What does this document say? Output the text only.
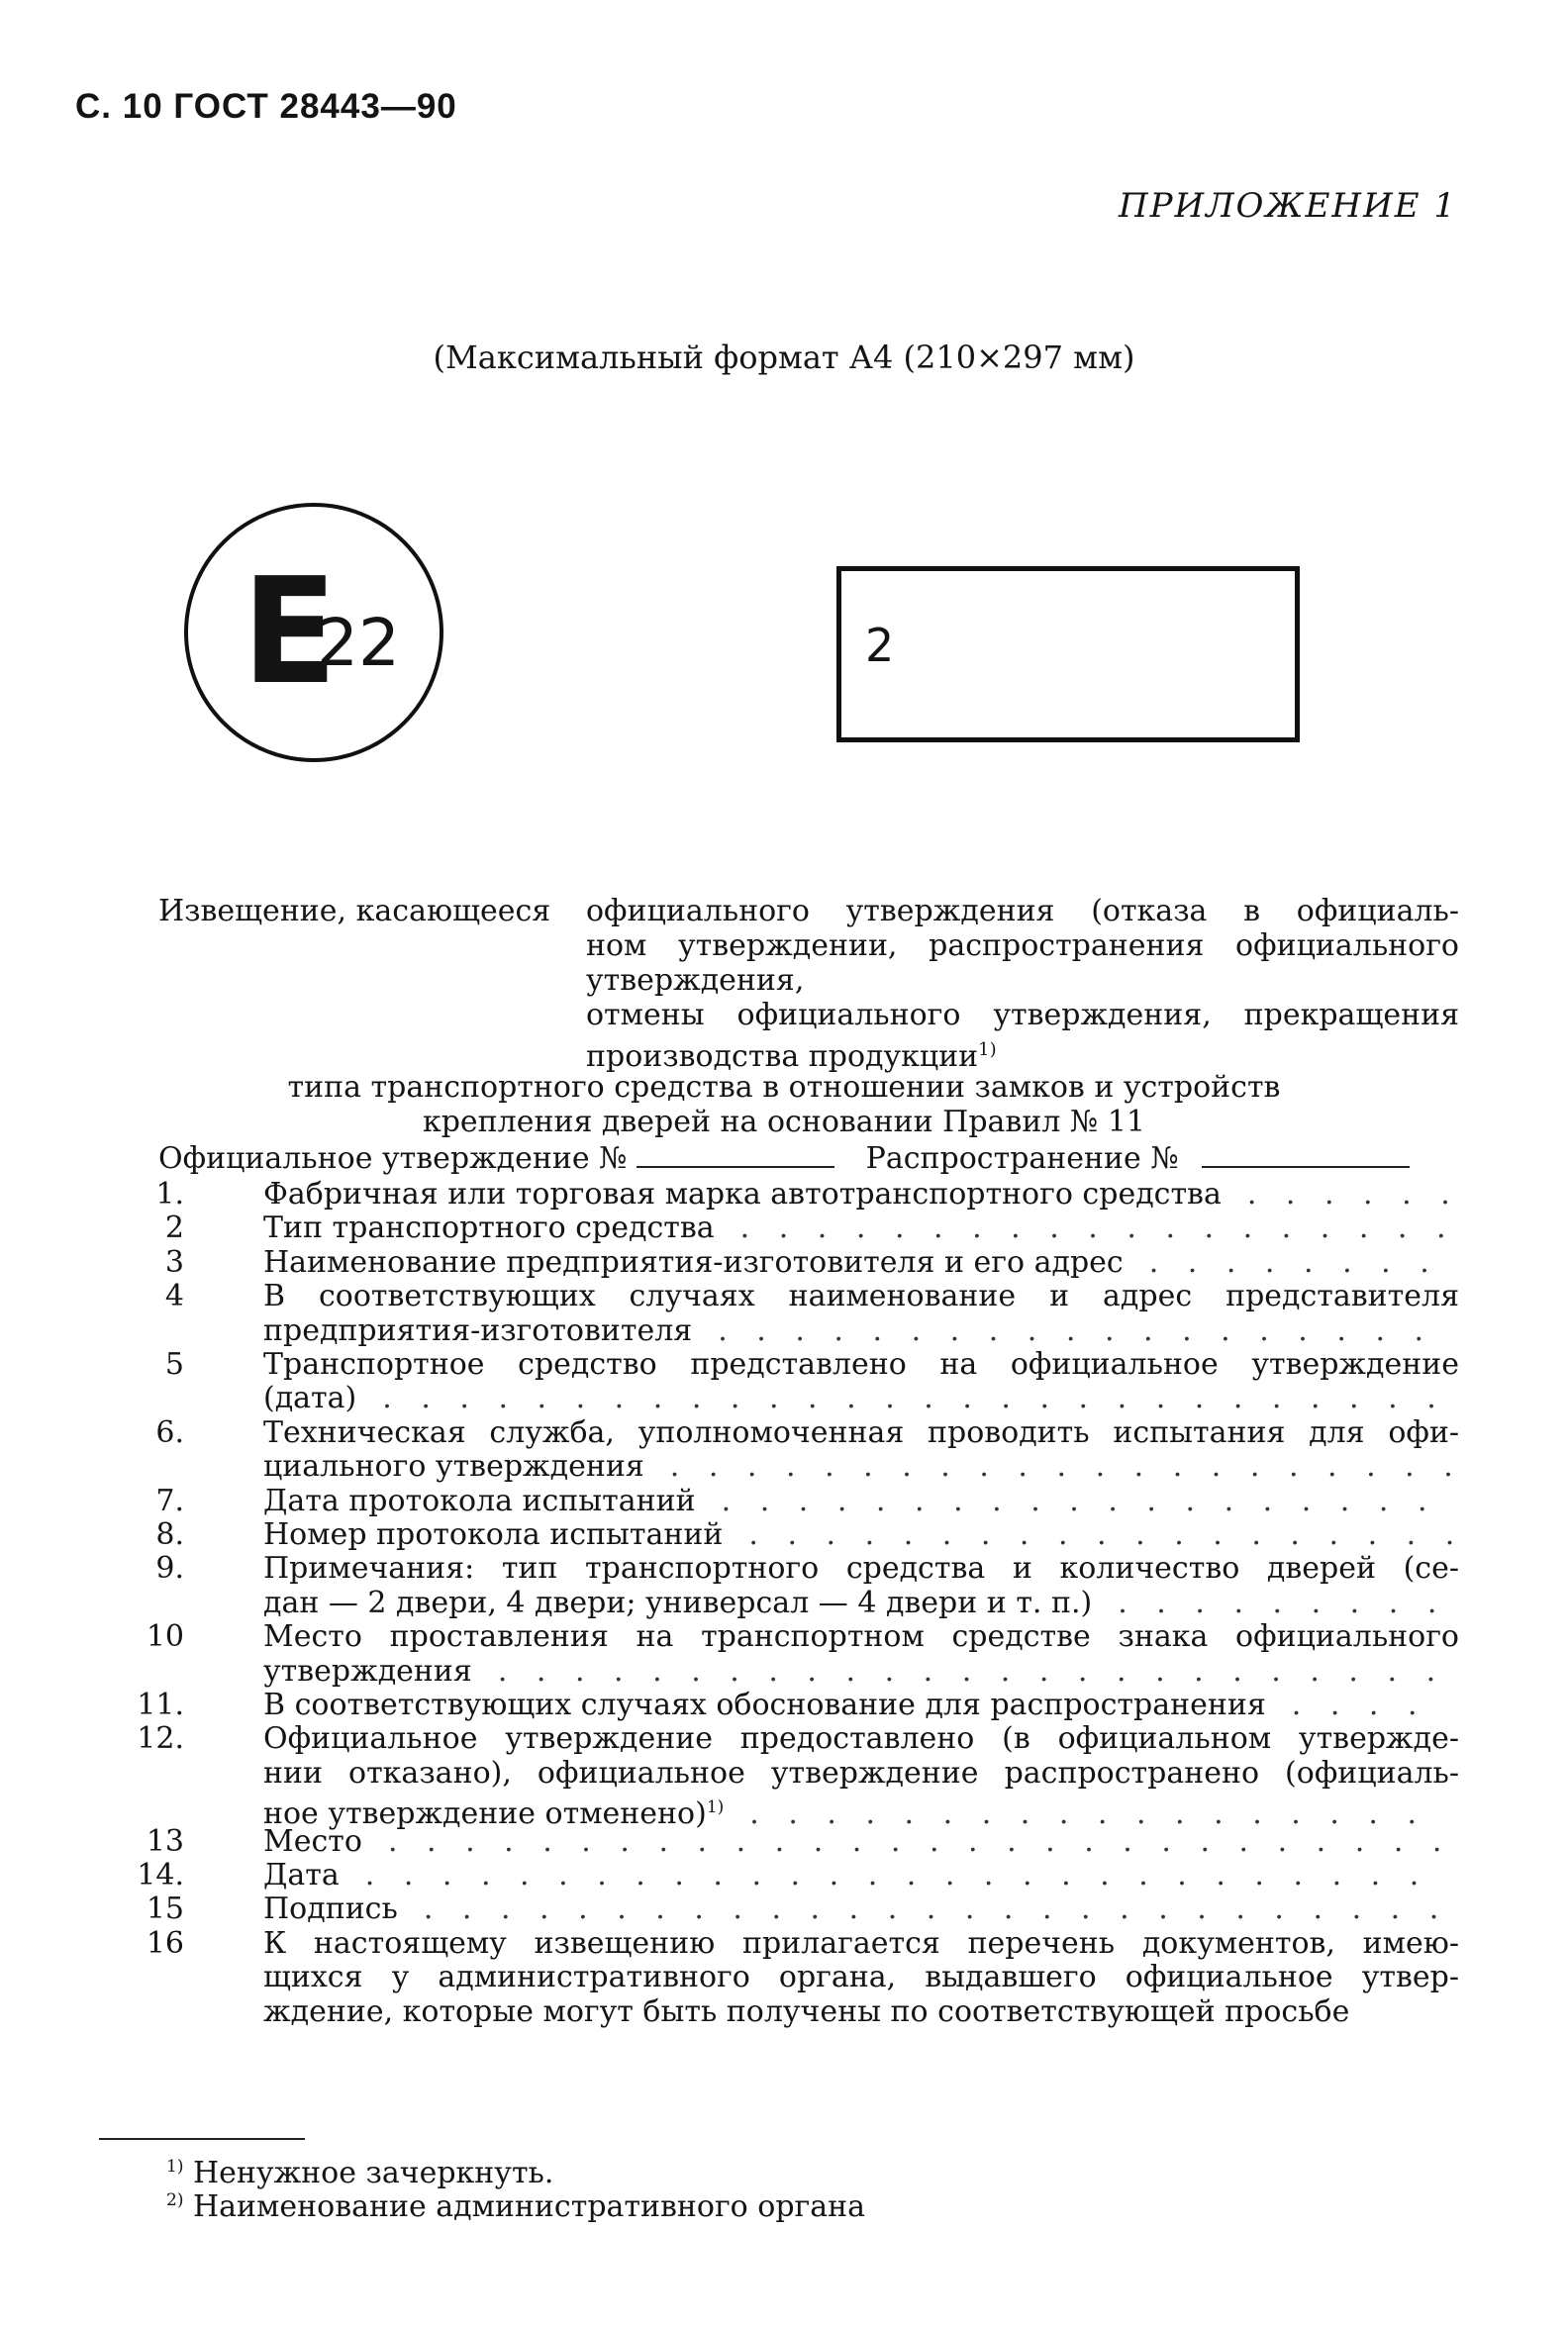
С. 10 ГОСТ 28443—90
ПРИЛОЖЕНИЕ 1
(Максимальный формат А4 (210×297 мм)
E
22	2
Извещение, касающееся официального утверждения (отказа в официаль-
ном утверждении, распространения официального
утверждения,
отмены официального утверждения, прекращения
производства продукции$^{1)}$
типа транспортного средства в отношении замков и устройств
крепления дверей на основании Правил № 11
Официальное утверждение №	Распространение №
1.	Фабричная или торговая марка автотранспортного средства . . . . . .
2	Тип транспортного средства . . . . . . . . . . . . . . . . . . .
3	Наименование предприятия-изготовителя и его адрес . . . . . . . .
4	В соответствующих случаях наименование и адрес представителя
предприятия-изготовителя . . . . . . . . . . . . . . . . . . .
5	Транспортное средство представлено на официальное утверждение
(дата) . . . . . . . . . . . . . . . . . . . . . . . . . . . .
6.	Техническая служба, уполномоченная проводить испытания для офи-
циального утверждения . . . . . . . . . . . . . . . . . . . . .
7.	Дата протокола испытаний . . . . . . . . . . . . . . . . . . .
8.	Номер протокола испытаний . . . . . . . . . . . . . . . . . . .
9.	Примечания: тип транспортного средства и количество дверей (се-
дан — 2 двери, 4 двери; универсал — 4 двери и т. п.) . . . . . . . . .
10	Место проставления на транспортном средстве знака официального
утверждения . . . . . . . . . . . . . . . . . . . . . . . . .
11.	В соответствующих случаях обоснование для распространения . . . .
12.	Официальное утверждение предоставлено (в официальном утвержде-
нии отказано), официальное утверждение распространено (официаль-
ное утверждение отменено)$^{1)}$ . . . . . . . . . . . . . . . . . .
13	Место . . . . . . . . . . . . . . . . . . . . . . . . . . . .
14.	Дата . . . . . . . . . . . . . . . . . . . . . . . . . . . .
15	Подпись . . . . . . . . . . . . . . . . . . . . . . . . . . .
16	К настоящему извещению прилагается перечень документов, имею-
щихся у административного органа, выдавшего официальное утвер-
ждение, которые могут быть получены по соответствующей просьбе
$^{1)}$ Ненужное зачеркнуть.
$^{2)}$ Наименование административного органа
